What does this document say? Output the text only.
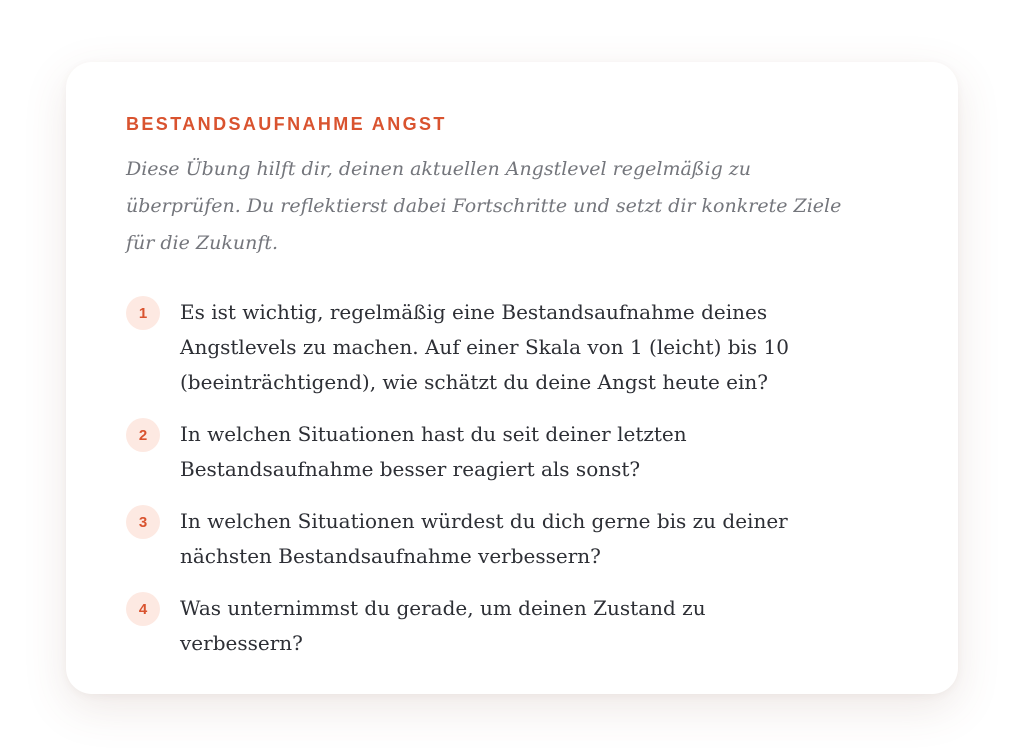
BESTANDSAUFNAHME ANGST

Diese Übung hilft dir, deinen aktuellen Angstlevel regelmäßig zu überprüfen. Du reflektierst dabei Fortschritte und setzt dir konkrete Ziele für die Zukunft.

1	Es ist wichtig, regelmäßig eine Bestandsaufnahme deines Angstlevels zu machen. Auf einer Skala von 1 (leicht) bis 10 (beeinträchtigend), wie schätzt du deine Angst heute ein?

2	In welchen Situationen hast du seit deiner letzten Bestandsaufnahme besser reagiert als sonst?

3	In welchen Situationen würdest du dich gerne bis zu deiner nächsten Bestandsaufnahme verbessern?

4	Was unternimmst du gerade, um deinen Zustand zu verbessern?
